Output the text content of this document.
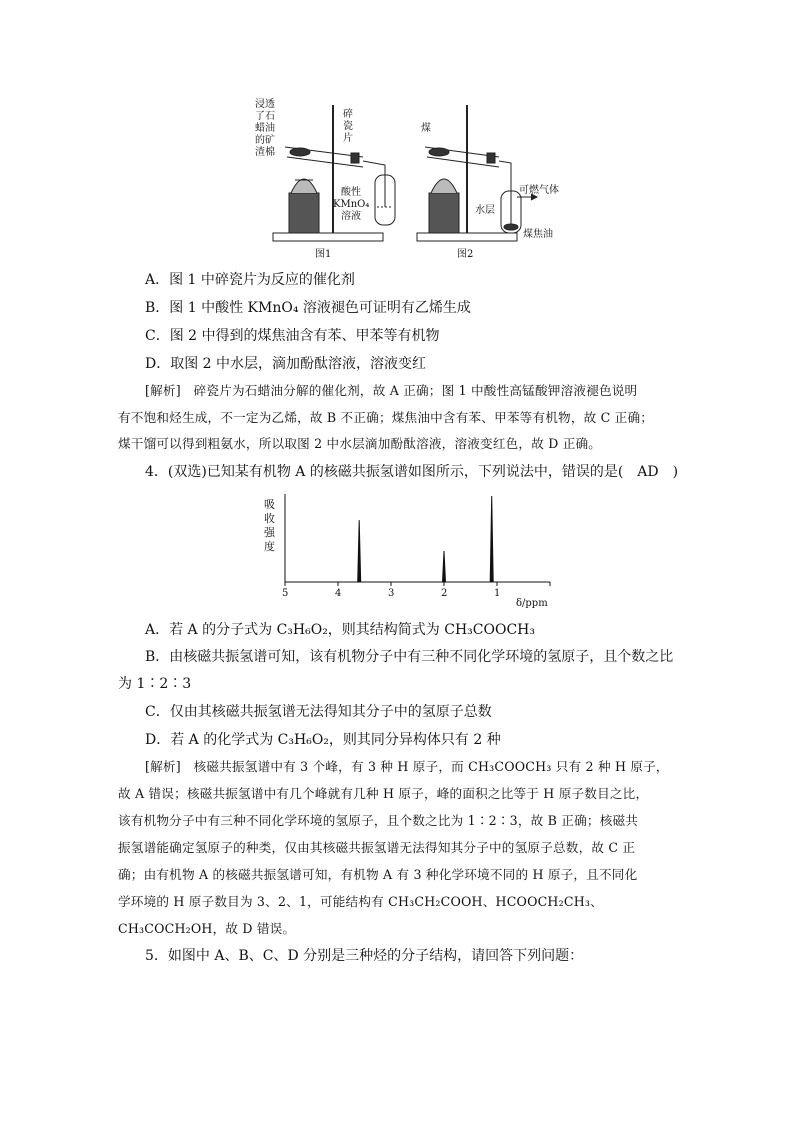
浸透
了石
蜡油
的矿
渣棉
碎
瓷
片
酸性
KMnO₄
溶液
图1
煤
可燃气体
水层
煤焦油
图2
A．图 1 中碎瓷片为反应的催化剂
B．图 1 中酸性 KMnO₄ 溶液褪色可证明有乙烯生成
C．图 2 中得到的煤焦油含有苯、甲苯等有机物
D．取图 2 中水层，滴加酚酞溶液，溶液变红
[解析]　碎瓷片为石蜡油分解的催化剂，故 A 正确；图 1 中酸性高锰酸钾溶液褪色说明
有不饱和烃生成，不一定为乙烯，故 B 不正确；煤焦油中含有苯、甲苯等有机物，故 C 正确；
煤干馏可以得到粗氨水，所以取图 2 中水层滴加酚酞溶液，溶液变红色，故 D 正确。
4．(双选)已知某有机物 A 的核磁共振氢谱如图所示，下列说法中，错误的是(　AD　)
吸
收
强
度
5	4	3	2	1
δ/ppm
A．若 A 的分子式为 C₃H₆O₂，则其结构简式为 CH₃COOCH₃
B．由核磁共振氢谱可知，该有机物分子中有三种不同化学环境的氢原子，且个数之比
为 1∶2∶3
C．仅由其核磁共振氢谱无法得知其分子中的氢原子总数
D．若 A 的化学式为 C₃H₆O₂，则其同分异构体只有 2 种
[解析]　核磁共振氢谱中有 3 个峰，有 3 种 H 原子，而 CH₃COOCH₃ 只有 2 种 H 原子，
故 A 错误；核磁共振氢谱中有几个峰就有几种 H 原子，峰的面积之比等于 H 原子数目之比，
该有机物分子中有三种不同化学环境的氢原子，且个数之比为 1∶2∶3，故 B 正确；核磁共
振氢谱能确定氢原子的种类，仅由其核磁共振氢谱无法得知其分子中的氢原子总数，故 C 正
确；由有机物 A 的核磁共振氢谱可知，有机物 A 有 3 种化学环境不同的 H 原子，且不同化
学环境的 H 原子数目为 3、2、1，可能结构有 CH₃CH₂COOH、HCOOCH₂CH₃、
CH₃COCH₂OH，故 D 错误。
5．如图中 A、B、C、D 分别是三种烃的分子结构，请回答下列问题：
